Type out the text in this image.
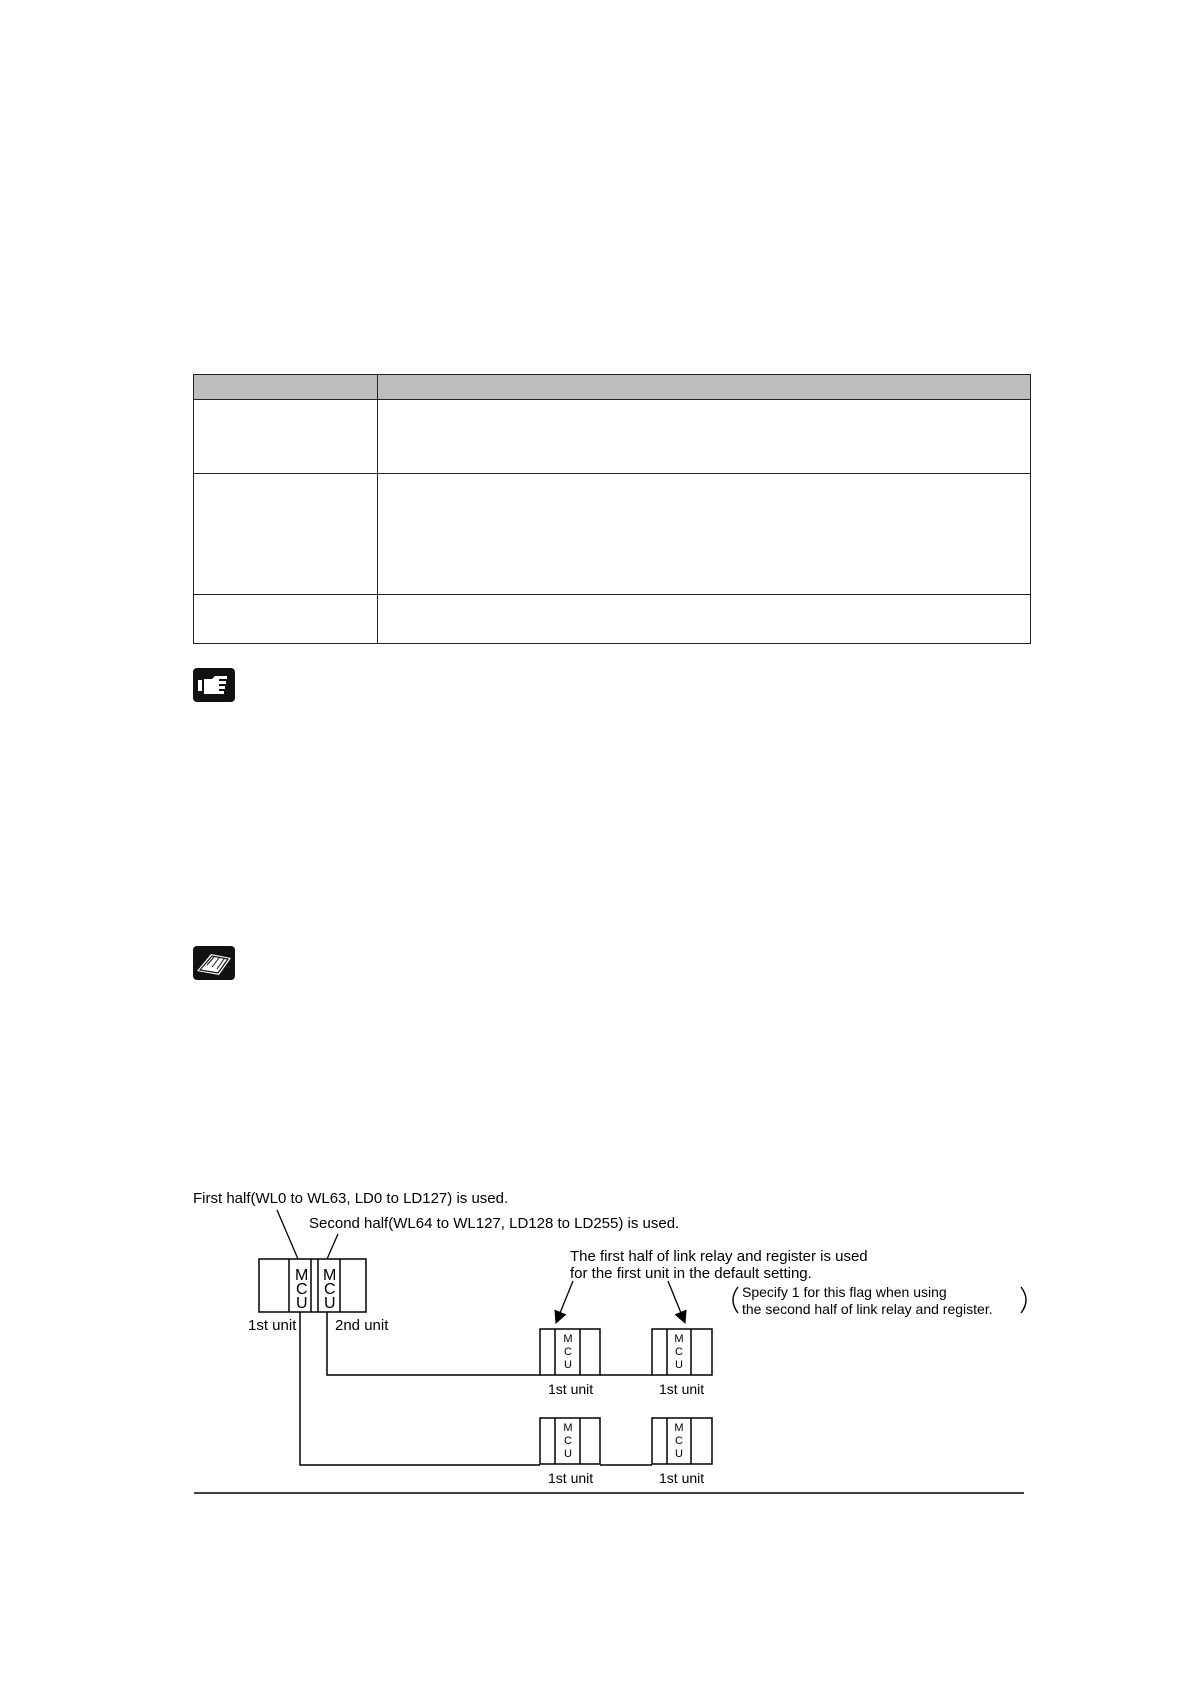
First half(WL0 to WL63, LD0 to LD127) is used.
Second half(WL64 to WL127, LD128 to LD255) is used.
The first half of link relay and register is used
for the first unit in the default setting.
Specify 1 for this flag when using
the second half of link relay and register.
M
C
U
M
C
U
1st unit	2nd unit
M
C
U
M
C
U
M
C
U
M
C
U
1st unit	1st unit
1st unit	1st unit
